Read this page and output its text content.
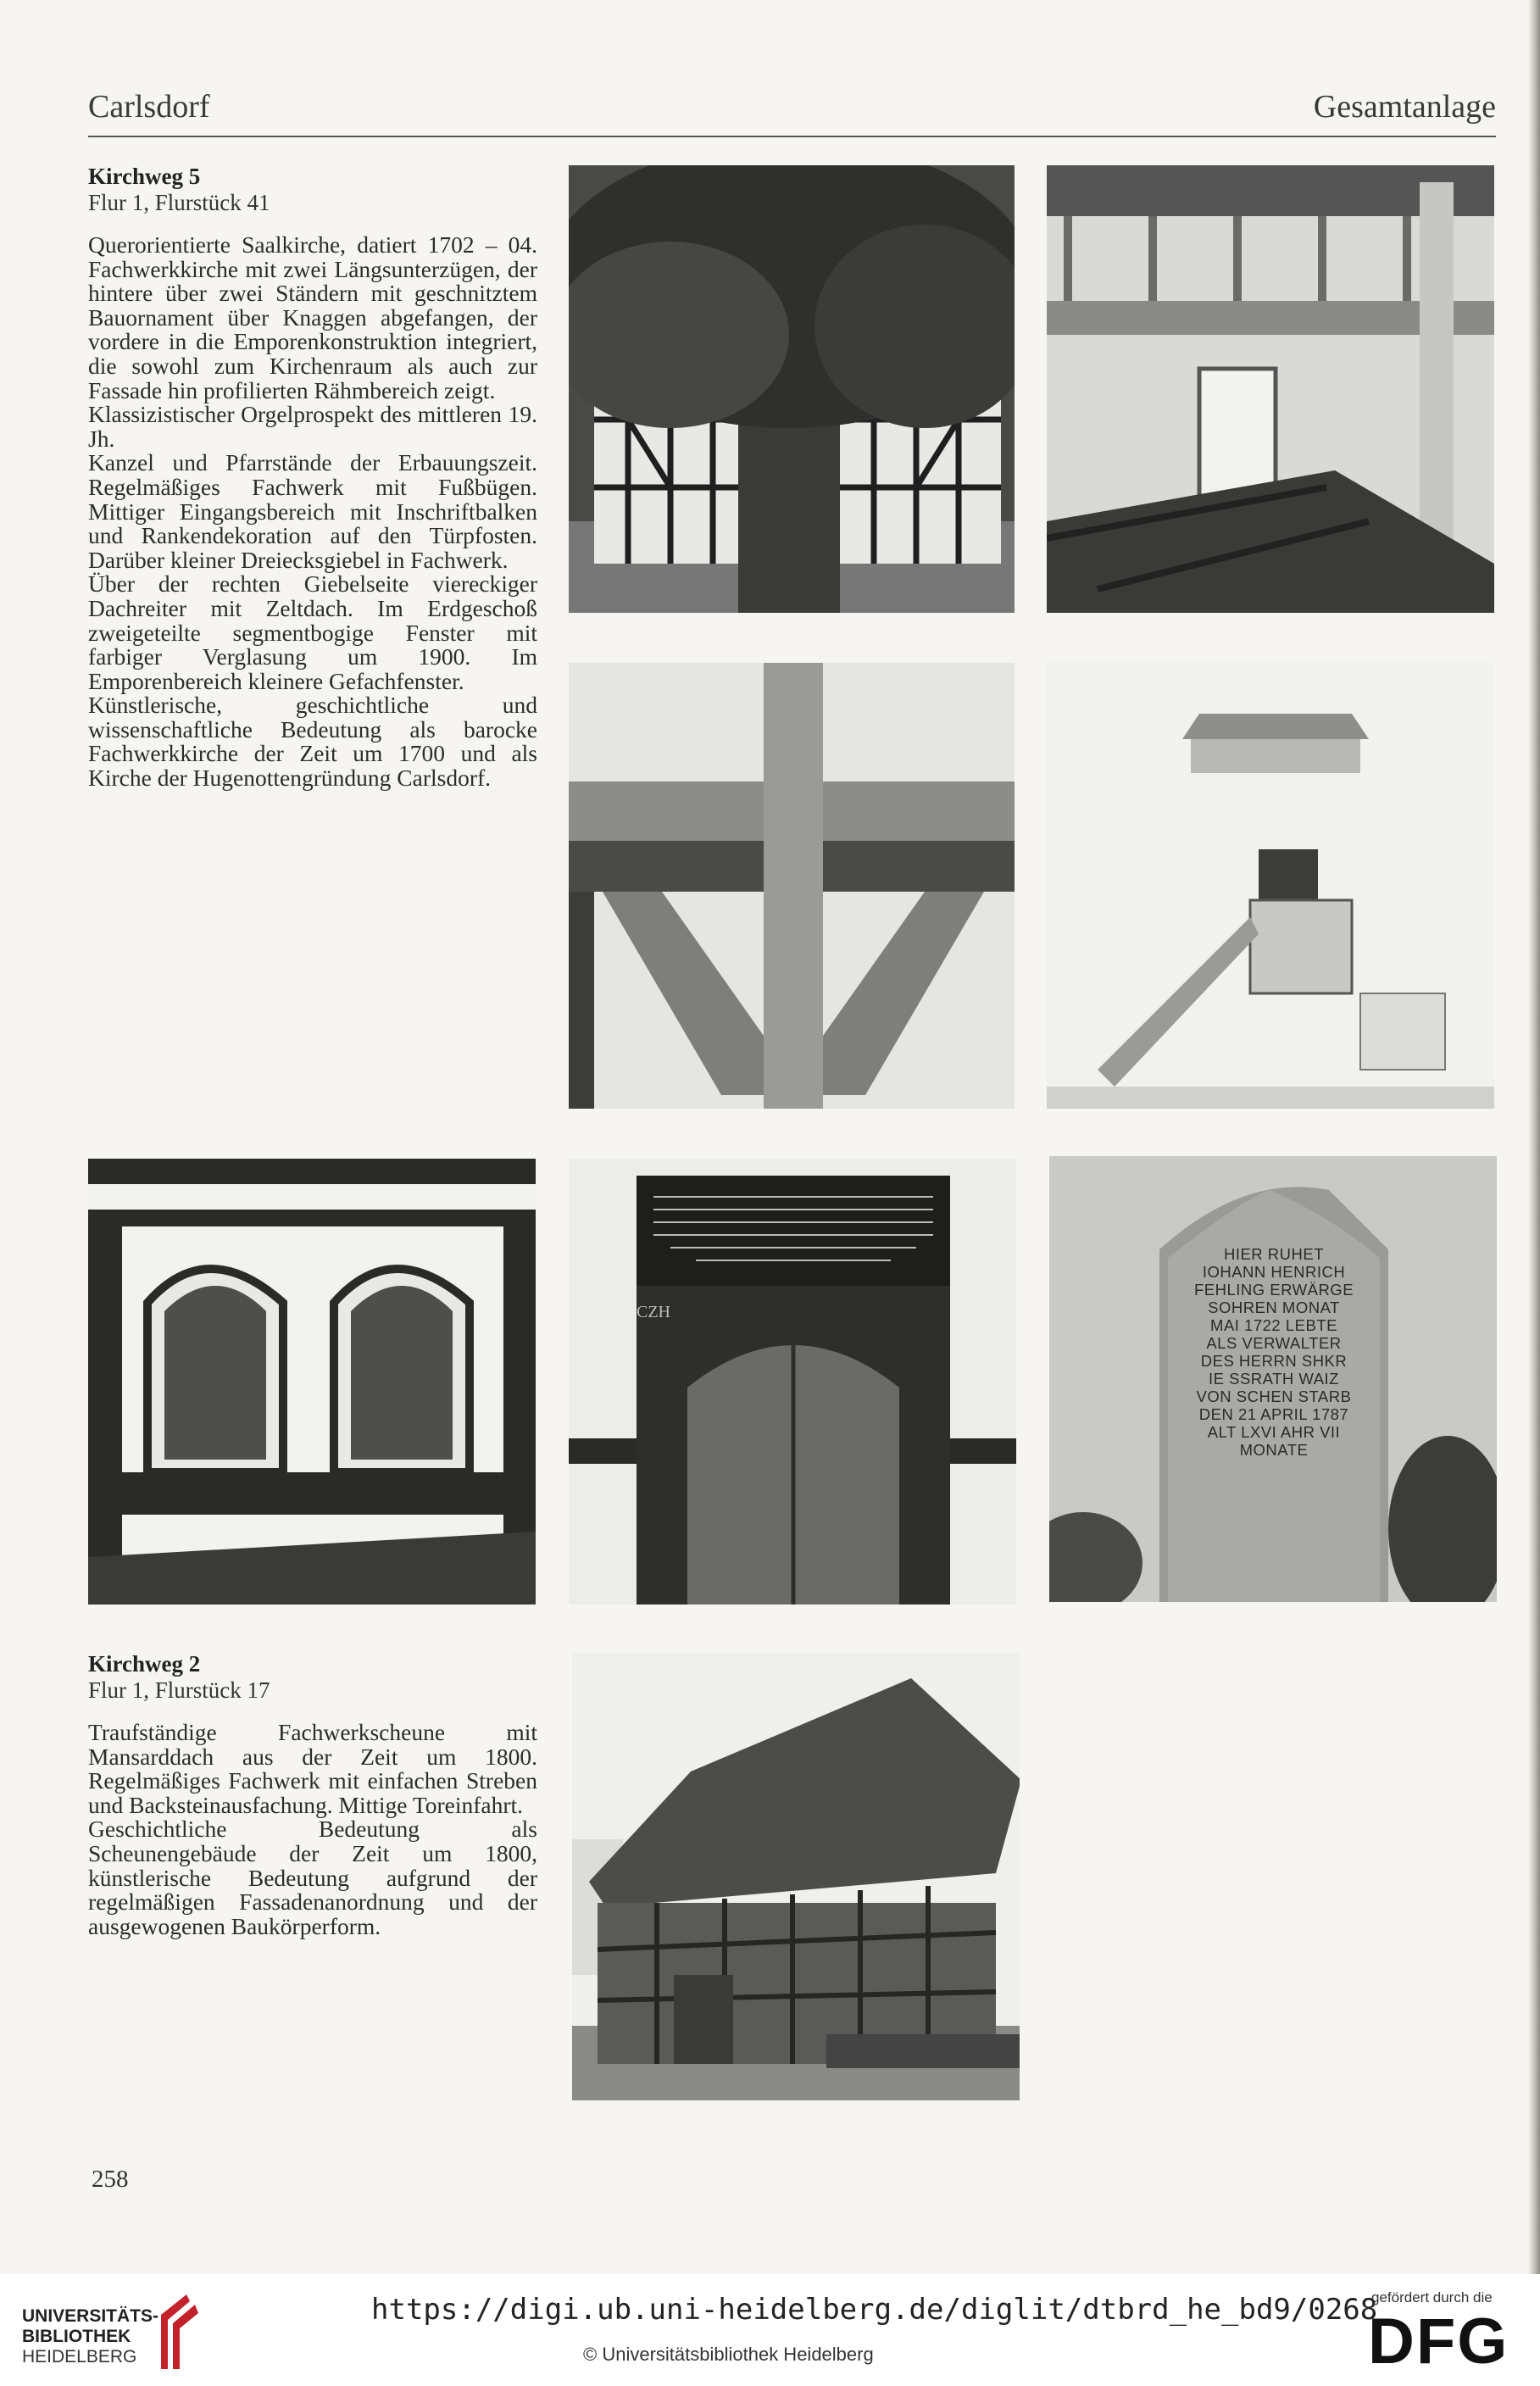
Carlsdorf	Gesamtanlage
Kirchweg 5
Flur 1, Flurstück 41

Querorientierte Saalkirche, datiert 1702 – 04. Fachwerkkirche mit zwei Längsunterzügen, der hintere über zwei Ständern mit geschnitztem Bauornament über Knaggen abgefangen, der vordere in die Emporenkonstruktion integriert, die sowohl zum Kirchenraum als auch zur Fassade hin profilierten Rähmbereich zeigt.

Klassizistischer Orgelprospekt des mittleren 19. Jh.

Kanzel und Pfarrstände der Erbauungszeit. Regelmäßiges Fachwerk mit Fußbügen. Mittiger Eingangsbereich mit Inschriftbalken und Rankendekoration auf den Türpfosten. Darüber kleiner Dreiecksgiebel in Fachwerk.

Über der rechten Giebelseite viereckiger Dachreiter mit Zeltdach. Im Erdgeschoß zweigeteilte segmentbogige Fenster mit farbiger Verglasung um 1900. Im Emporenbereich kleinere Gefachfenster.

Künstlerische, geschichtliche und wissenschaftliche Bedeutung als barocke Fachwerkkirche der Zeit um 1700 und als Kirche der Hugenottengründung Carlsdorf.

CZH
HIER RUHET
IOHANN HENRICH
FEHLING ERWÄRGE
SOHREN MONAT
MAI 1722 LEBTE
ALS VERWALTER
DES HERRN SHKR
IE SSRATH WAIZ
VON SCHEN STARB
DEN 21 APRIL 1787
ALT LXVI AHR VII
MONATE
Kirchweg 2
Flur 1, Flurstück 17

Traufständige Fachwerkscheune mit Mansarddach aus der Zeit um 1800. Regelmäßiges Fachwerk mit einfachen Streben und Backsteinausfachung. Mittige Toreinfahrt.

Geschichtliche Bedeutung als Scheunengebäude der Zeit um 1800, künstlerische Bedeutung aufgrund der regelmäßigen Fassadenanordnung und der ausgewogenen Baukörperform.

258
UNIVERSITÄTS-
BIBLIOTHEK
HEIDELBERG
https://digi.ub.uni-heidelberg.de/diglit/dtbrd_he_bd9/0268
© Universitätsbibliothek Heidelberg
gefördert durch die
DFG
